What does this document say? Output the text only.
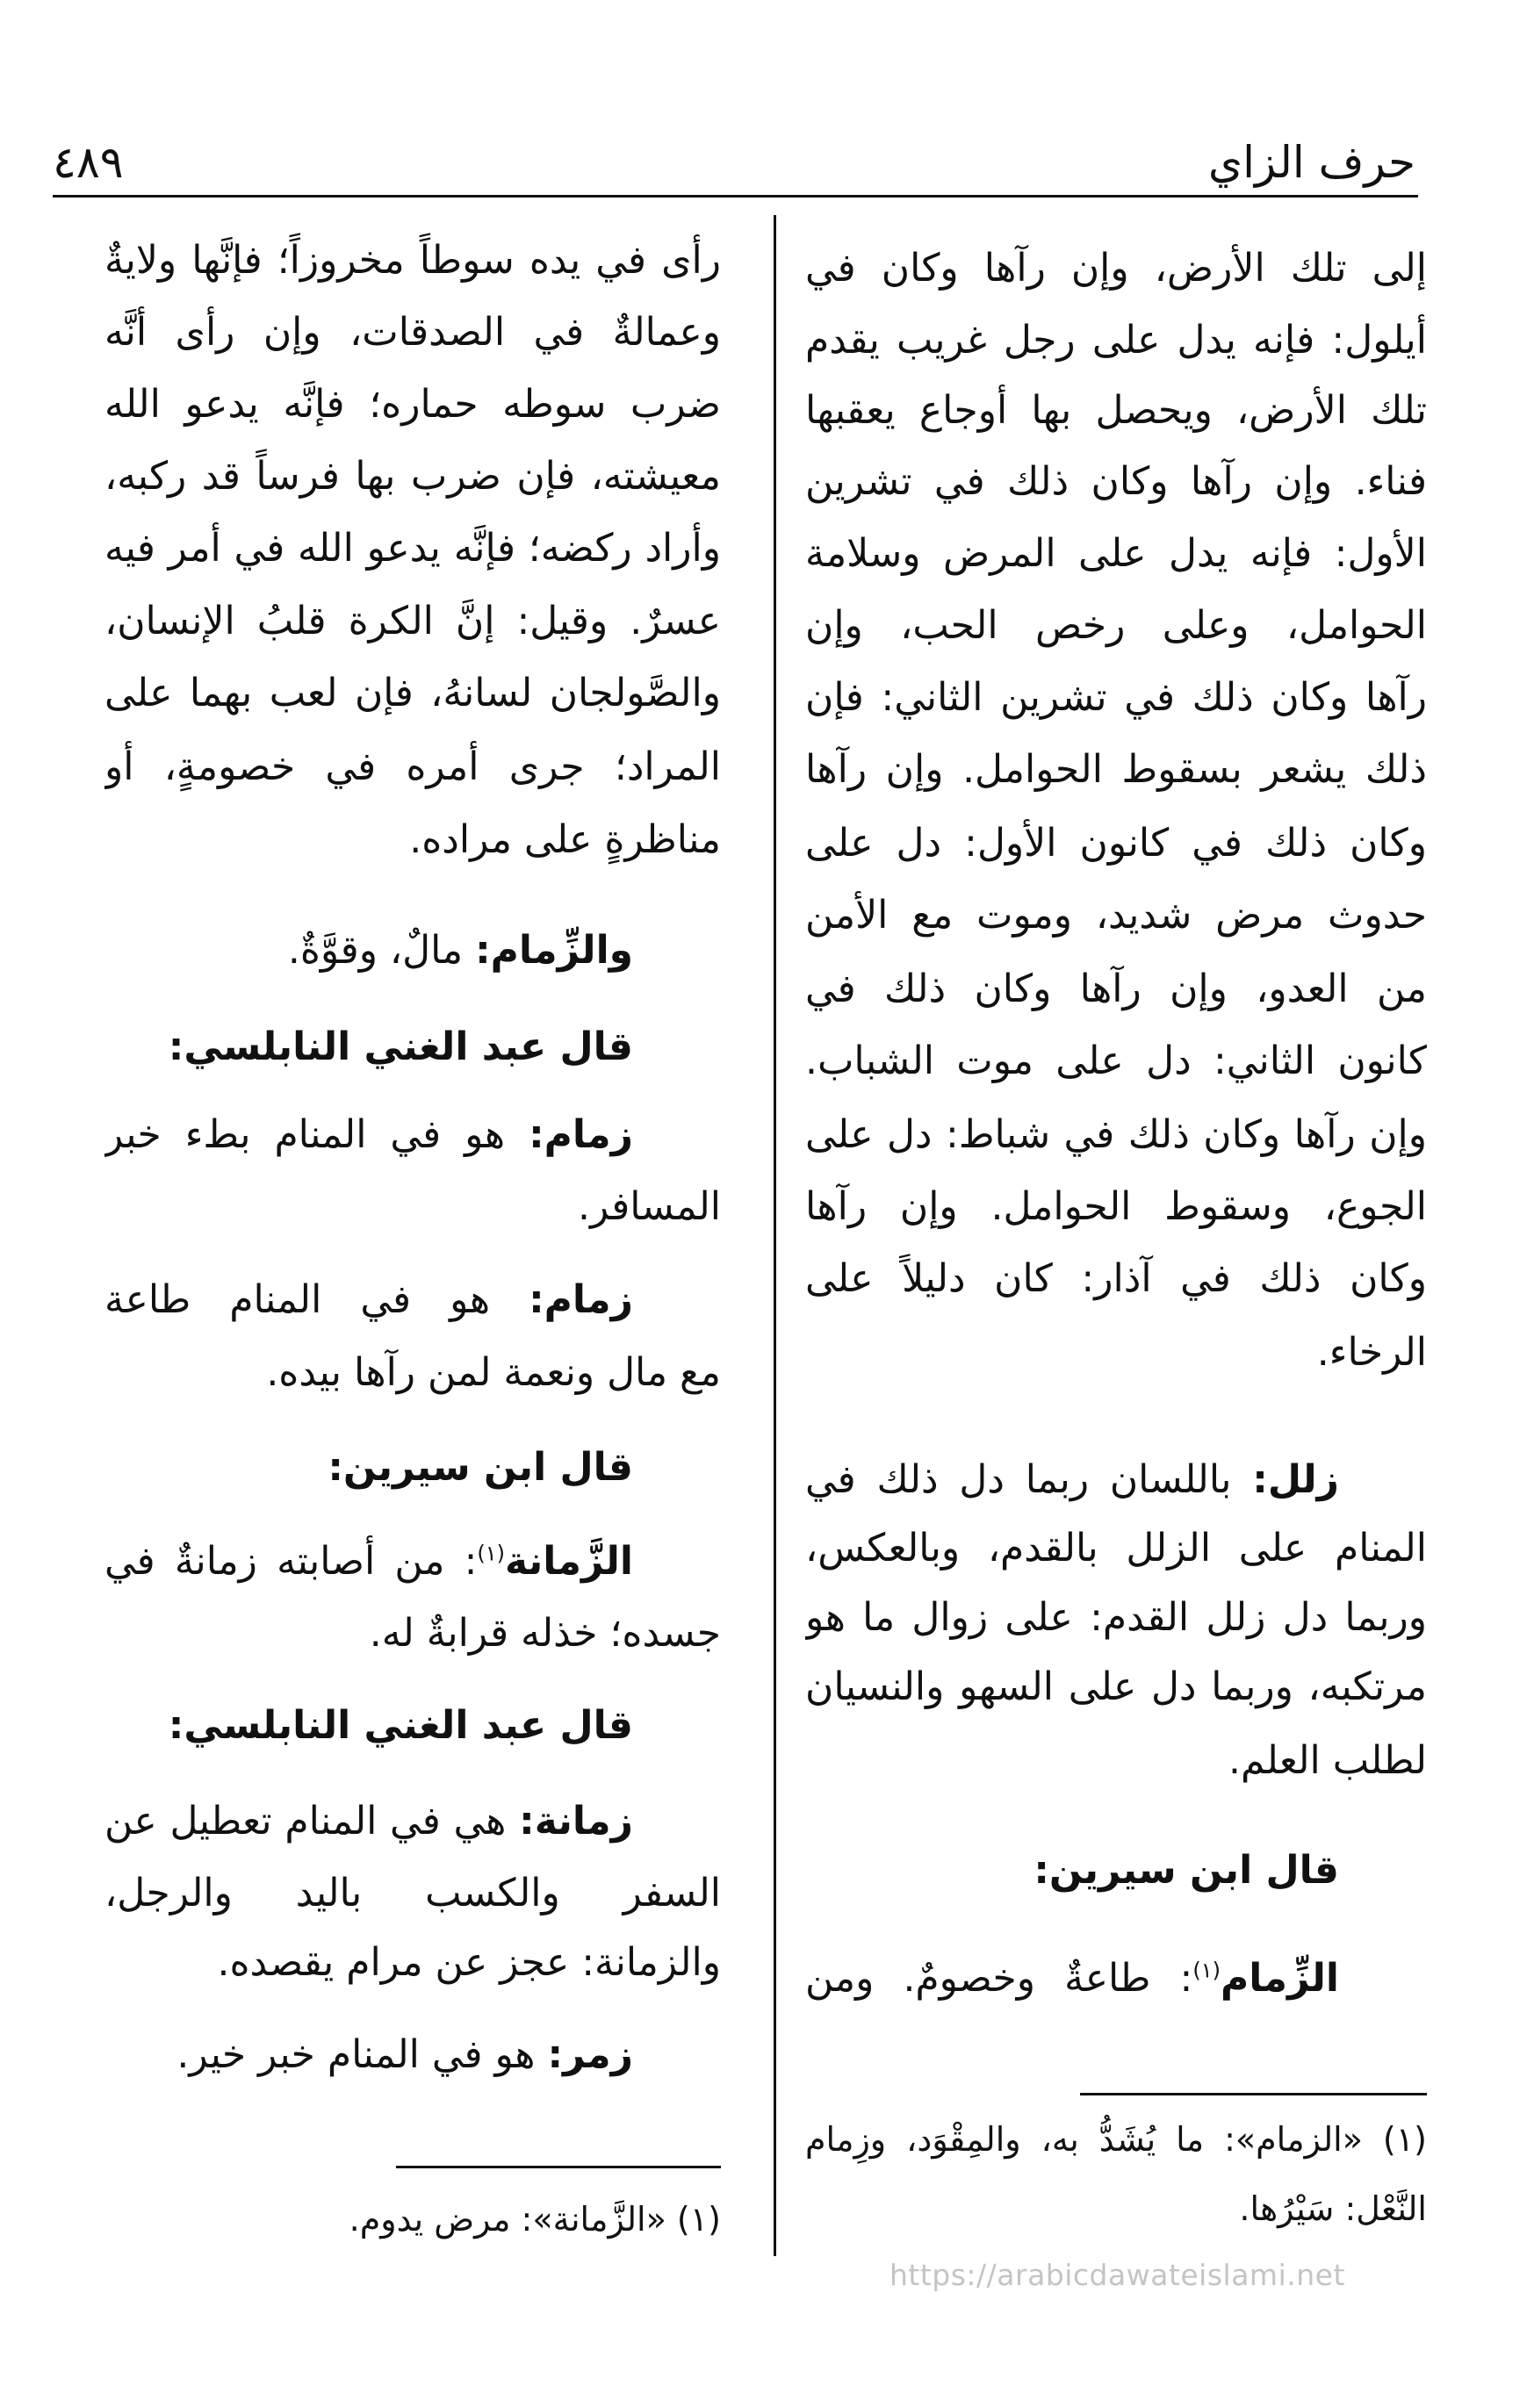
حرف الزاي
٤٨٩
إلى تلك الأرض، وإن رآها وكان في
أيلول: فإنه يدل على رجل غريب يقدم
تلك الأرض، ويحصل بها أوجاع يعقبها
فناء. وإن رآها وكان ذلك في تشرين
الأول: فإنه يدل على المرض وسلامة
الحوامل، وعلى رخص الحب، وإن
رآها وكان ذلك في تشرين الثاني: فإن
ذلك يشعر بسقوط الحوامل. وإن رآها
وكان ذلك في كانون الأول: دل على
حدوث مرض شديد، وموت مع الأمن
من العدو، وإن رآها وكان ذلك في
كانون الثاني: دل على موت الشباب.
وإن رآها وكان ذلك في شباط: دل على
الجوع، وسقوط الحوامل. وإن رآها
وكان ذلك في آذار: كان دليلاً على
الرخاء.
زلل: باللسان ربما دل ذلك في
المنام على الزلل بالقدم، وبالعكس،
وربما دل زلل القدم: على زوال ما هو
مرتكبه، وربما دل على السهو والنسيان
لطلب العلم.
قال ابن سيرين:
الزِّمام$^{(١)}$: طاعةٌ وخصومٌ. ومن
(١) «الزمام»: ما يُشَدُّ به، والمِقْوَد، وزِمام
النَّعْل: سَيْرُها.
رأى في يده سوطاً مخروزاً؛ فإنَّها ولايةٌ
وعمالةٌ في الصدقات، وإن رأى أنَّه
ضرب سوطه حماره؛ فإنَّه يدعو الله
معيشته، فإن ضرب بها فرساً قد ركبه،
وأراد ركضه؛ فإنَّه يدعو الله في أمر فيه
عسرٌ. وقيل: إنَّ الكرة قلبُ الإنسان،
والصَّولجان لسانهُ، فإن لعب بهما على
المراد؛ جرى أمره في خصومةٍ، أو
مناظرةٍ على مراده.
والزِّمام: مالٌ، وقوَّةٌ.
قال عبد الغني النابلسي:
زمام: هو في المنام بطء خبر
المسافر.
زمام: هو في المنام طاعة
مع مال ونعمة لمن رآها بيده.
قال ابن سيرين:
الزَّمانة$^{(١)}$: من أصابته زمانةٌ في
جسده؛ خذله قرابةٌ له.
قال عبد الغني النابلسي:
زمانة: هي في المنام تعطيل عن
السفر والكسب باليد والرجل،
والزمانة: عجز عن مرام يقصده.
زمر: هو في المنام خبر خير.
(١) «الزَّمانة»: مرض يدوم.
https://arabicdawateislami.net
